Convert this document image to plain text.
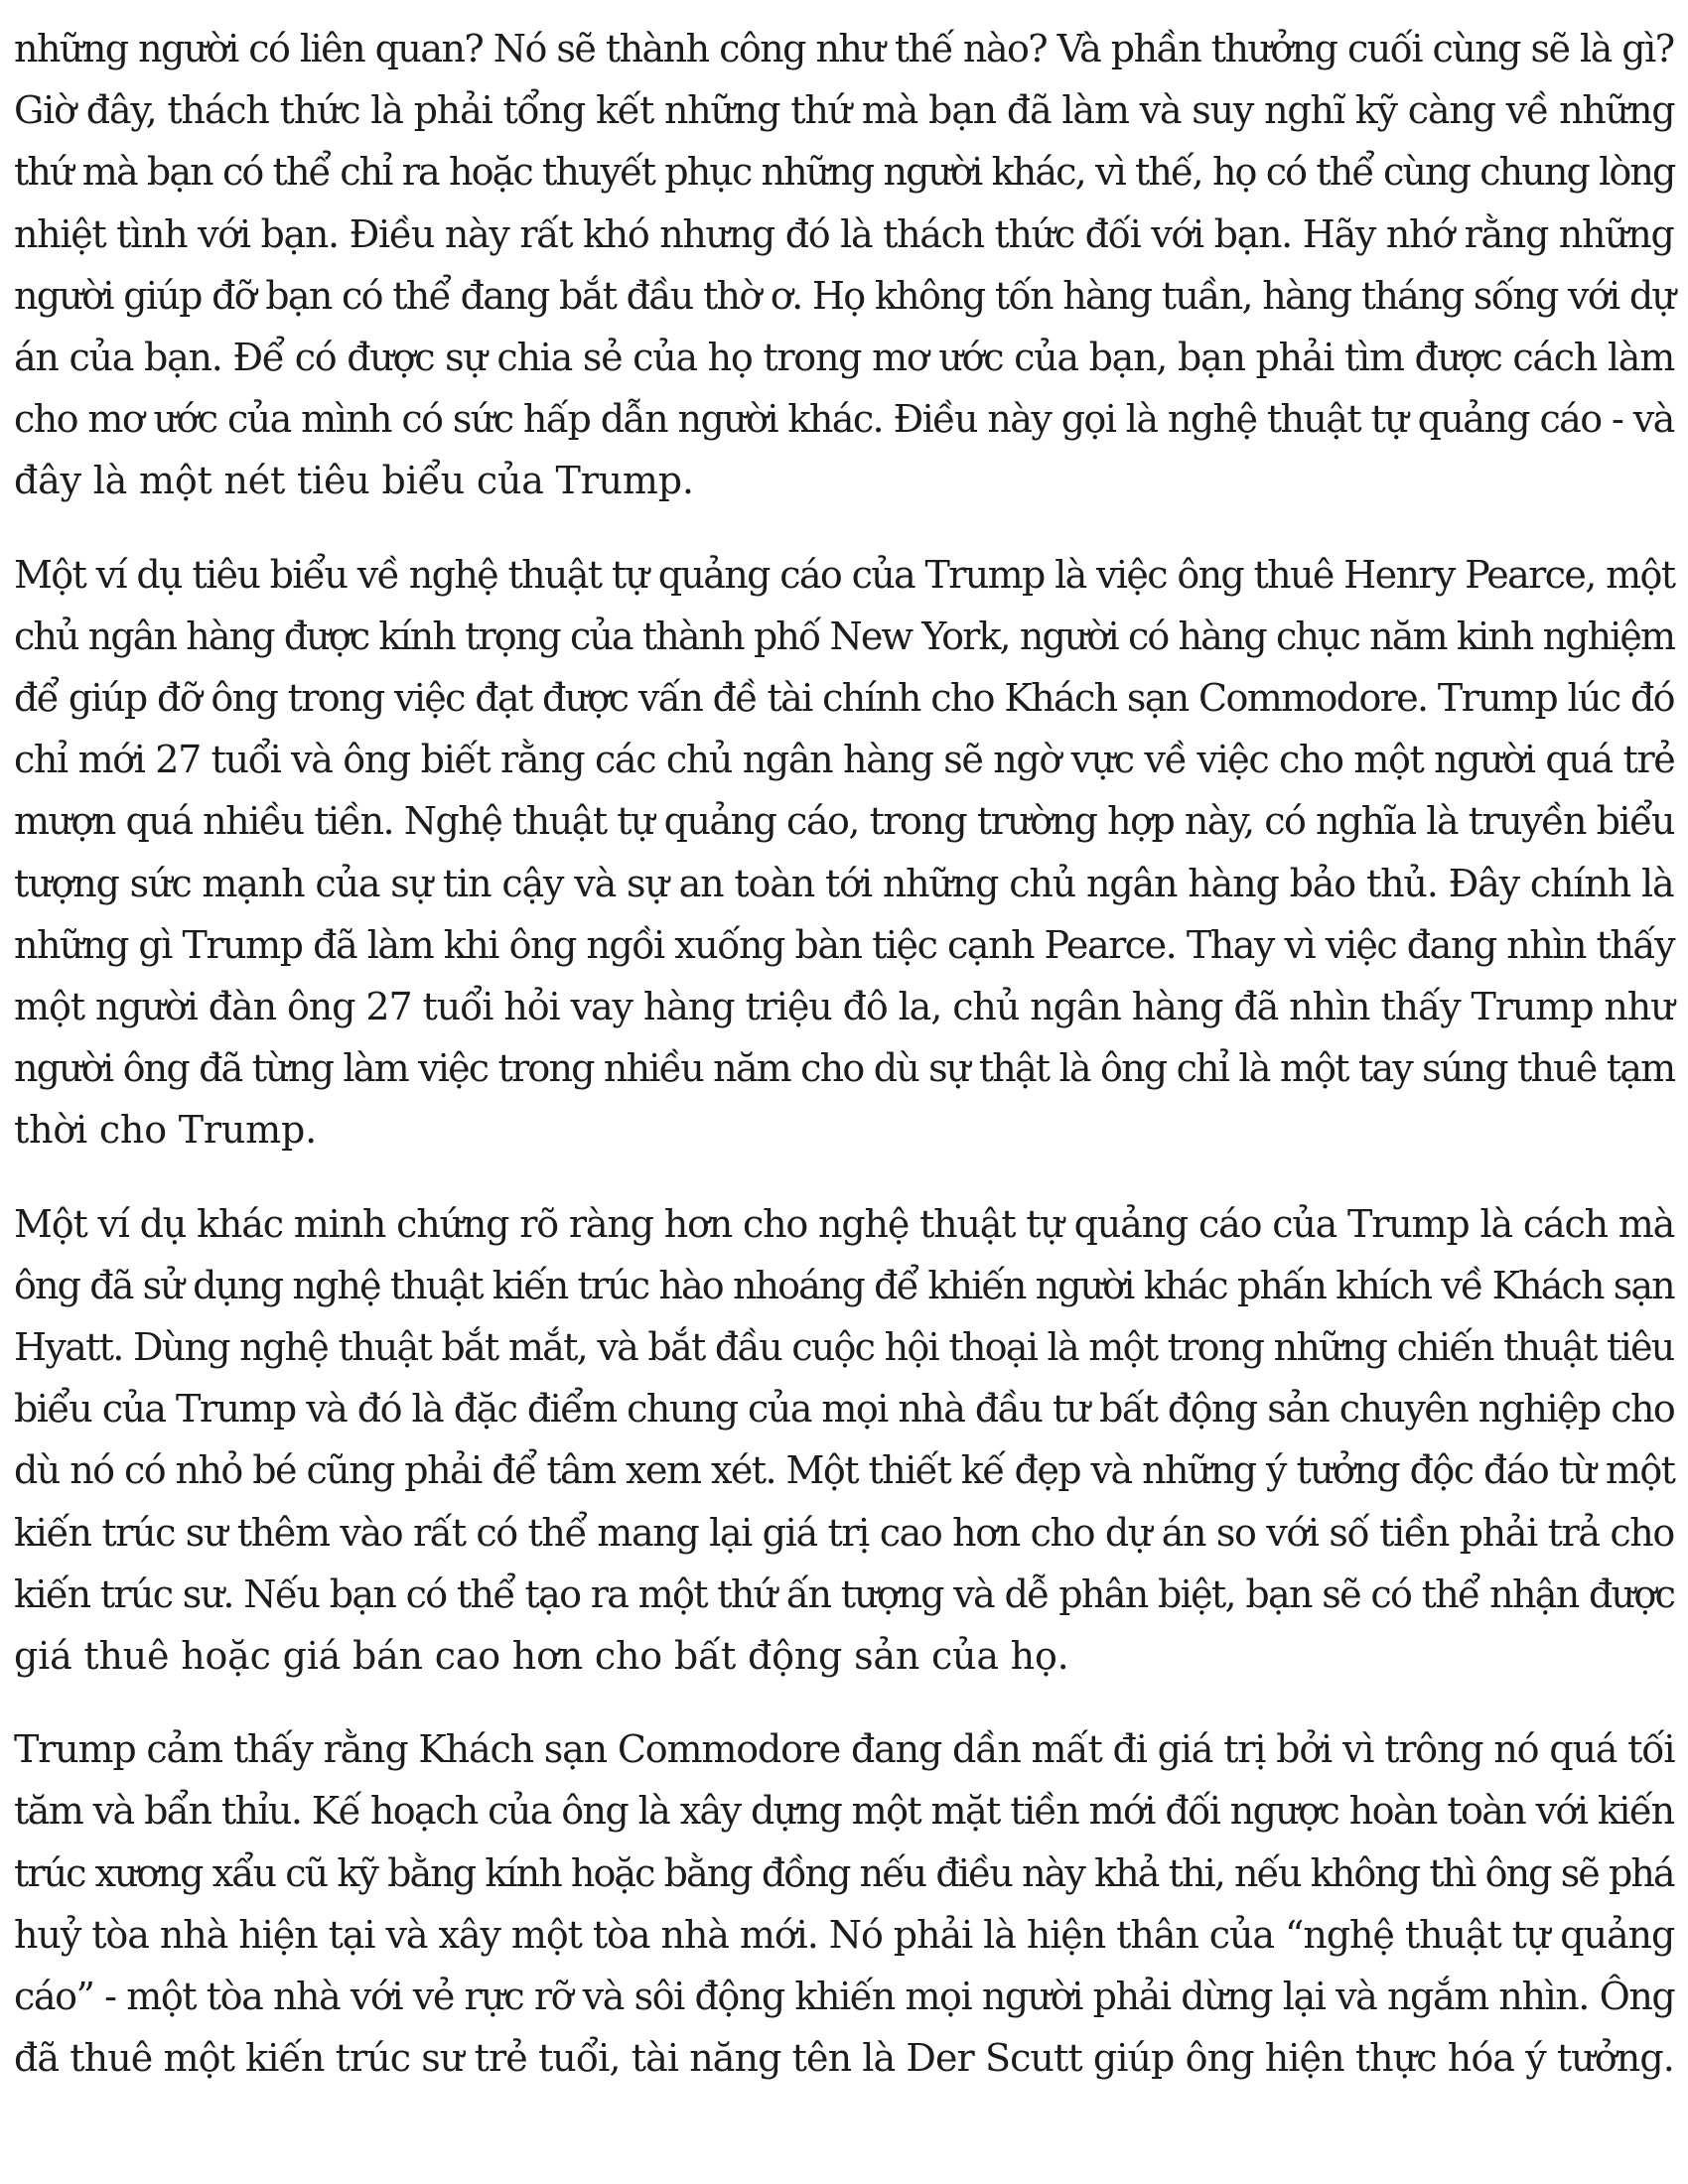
những người có liên quan? Nó sẽ thành công như thế nào? Và phần thưởng cuối cùng sẽ là gì?
Giờ đây, thách thức là phải tổng kết những thứ mà bạn đã làm và suy nghĩ kỹ càng về những
thứ mà bạn có thể chỉ ra hoặc thuyết phục những người khác, vì thế, họ có thể cùng chung lòng
nhiệt tình với bạn. Điều này rất khó nhưng đó là thách thức đối với bạn. Hãy nhớ rằng những
người giúp đỡ bạn có thể đang bắt đầu thờ ơ. Họ không tốn hàng tuần, hàng tháng sống với dự
án của bạn. Để có được sự chia sẻ của họ trong mơ ước của bạn, bạn phải tìm được cách làm
cho mơ ước của mình có sức hấp dẫn người khác. Điều này gọi là nghệ thuật tự quảng cáo - và
đây là một nét tiêu biểu của Trump.
Một ví dụ tiêu biểu về nghệ thuật tự quảng cáo của Trump là việc ông thuê Henry Pearce, một
chủ ngân hàng được kính trọng của thành phố New York, người có hàng chục năm kinh nghiệm
để giúp đỡ ông trong việc đạt được vấn đề tài chính cho Khách sạn Commodore. Trump lúc đó
chỉ mới 27 tuổi và ông biết rằng các chủ ngân hàng sẽ ngờ vực về việc cho một người quá trẻ
mượn quá nhiều tiền. Nghệ thuật tự quảng cáo, trong trường hợp này, có nghĩa là truyền biểu
tượng sức mạnh của sự tin cậy và sự an toàn tới những chủ ngân hàng bảo thủ. Đây chính là
những gì Trump đã làm khi ông ngồi xuống bàn tiệc cạnh Pearce. Thay vì việc đang nhìn thấy
một người đàn ông 27 tuổi hỏi vay hàng triệu đô la, chủ ngân hàng đã nhìn thấy Trump như
người ông đã từng làm việc trong nhiều năm cho dù sự thật là ông chỉ là một tay súng thuê tạm
thời cho Trump.
Một ví dụ khác minh chứng rõ ràng hơn cho nghệ thuật tự quảng cáo của Trump là cách mà
ông đã sử dụng nghệ thuật kiến trúc hào nhoáng để khiến người khác phấn khích về Khách sạn
Hyatt. Dùng nghệ thuật bắt mắt, và bắt đầu cuộc hội thoại là một trong những chiến thuật tiêu
biểu của Trump và đó là đặc điểm chung của mọi nhà đầu tư bất động sản chuyên nghiệp cho
dù nó có nhỏ bé cũng phải để tâm xem xét. Một thiết kế đẹp và những ý tưởng độc đáo từ một
kiến trúc sư thêm vào rất có thể mang lại giá trị cao hơn cho dự án so với số tiền phải trả cho
kiến trúc sư. Nếu bạn có thể tạo ra một thứ ấn tượng và dễ phân biệt, bạn sẽ có thể nhận được
giá thuê hoặc giá bán cao hơn cho bất động sản của họ.
Trump cảm thấy rằng Khách sạn Commodore đang dần mất đi giá trị bởi vì trông nó quá tối
tăm và bẩn thỉu. Kế hoạch của ông là xây dựng một mặt tiền mới đối ngược hoàn toàn với kiến
trúc xương xẩu cũ kỹ bằng kính hoặc bằng đồng nếu điều này khả thi, nếu không thì ông sẽ phá
huỷ tòa nhà hiện tại và xây một tòa nhà mới. Nó phải là hiện thân của “nghệ thuật tự quảng
cáo” - một tòa nhà với vẻ rực rỡ và sôi động khiến mọi người phải dừng lại và ngắm nhìn. Ông
đã thuê một kiến trúc sư trẻ tuổi, tài năng tên là Der Scutt giúp ông hiện thực hóa ý tưởng.
